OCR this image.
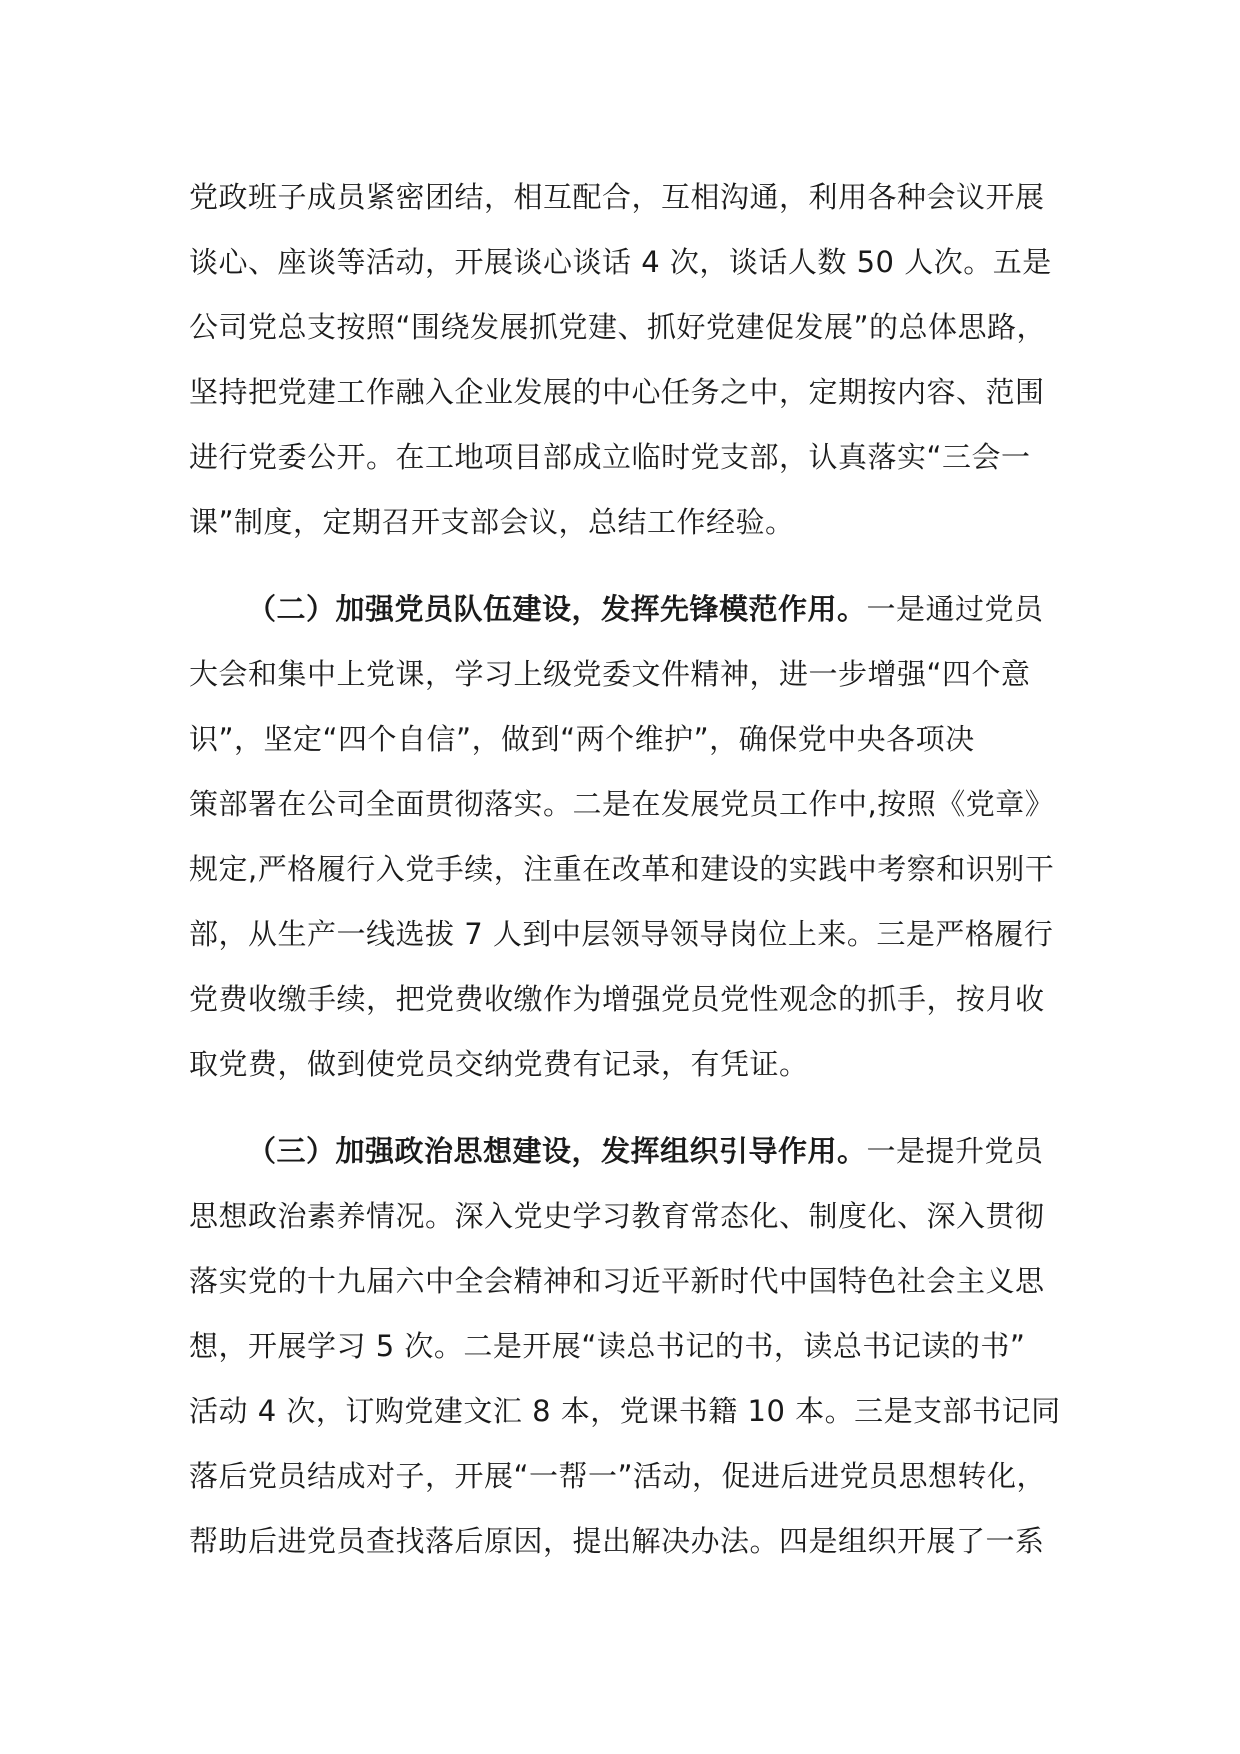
党政班子成员紧密团结，相互配合，互相沟通，利用各种会议开展
谈心、座谈等活动，开展谈心谈话 4 次，谈话人数 50 人次。五是
公司党总支按照“围绕发展抓党建、抓好党建促发展”的总体思路，
坚持把党建工作融入企业发展的中心任务之中，定期按内容、范围
进行党委公开。在工地项目部成立临时党支部，认真落实“三会一
课”制度，定期召开支部会议，总结工作经验。
（二）加强党员队伍建设，发挥先锋模范作用。一是通过党员
大会和集中上党课，学习上级党委文件精神，进一步增强“四个意
识”，坚定“四个自信”，做到“两个维护”，确保党中央各项决
策部署在公司全面贯彻落实。二是在发展党员工作中,按照《党章》
规定,严格履行入党手续，注重在改革和建设的实践中考察和识别干
部，从生产一线选拔 7 人到中层领导领导岗位上来。三是严格履行
党费收缴手续，把党费收缴作为增强党员党性观念的抓手，按月收
取党费，做到使党员交纳党费有记录，有凭证。
（三）加强政治思想建设，发挥组织引导作用。一是提升党员
思想政治素养情况。深入党史学习教育常态化、制度化、深入贯彻
落实党的十九届六中全会精神和习近平新时代中国特色社会主义思
想，开展学习 5 次。二是开展“读总书记的书，读总书记读的书”
活动 4 次，订购党建文汇 8 本，党课书籍 10 本。三是支部书记同
落后党员结成对子，开展“一帮一”活动，促进后进党员思想转化，
帮助后进党员查找落后原因，提出解决办法。四是组织开展了一系
